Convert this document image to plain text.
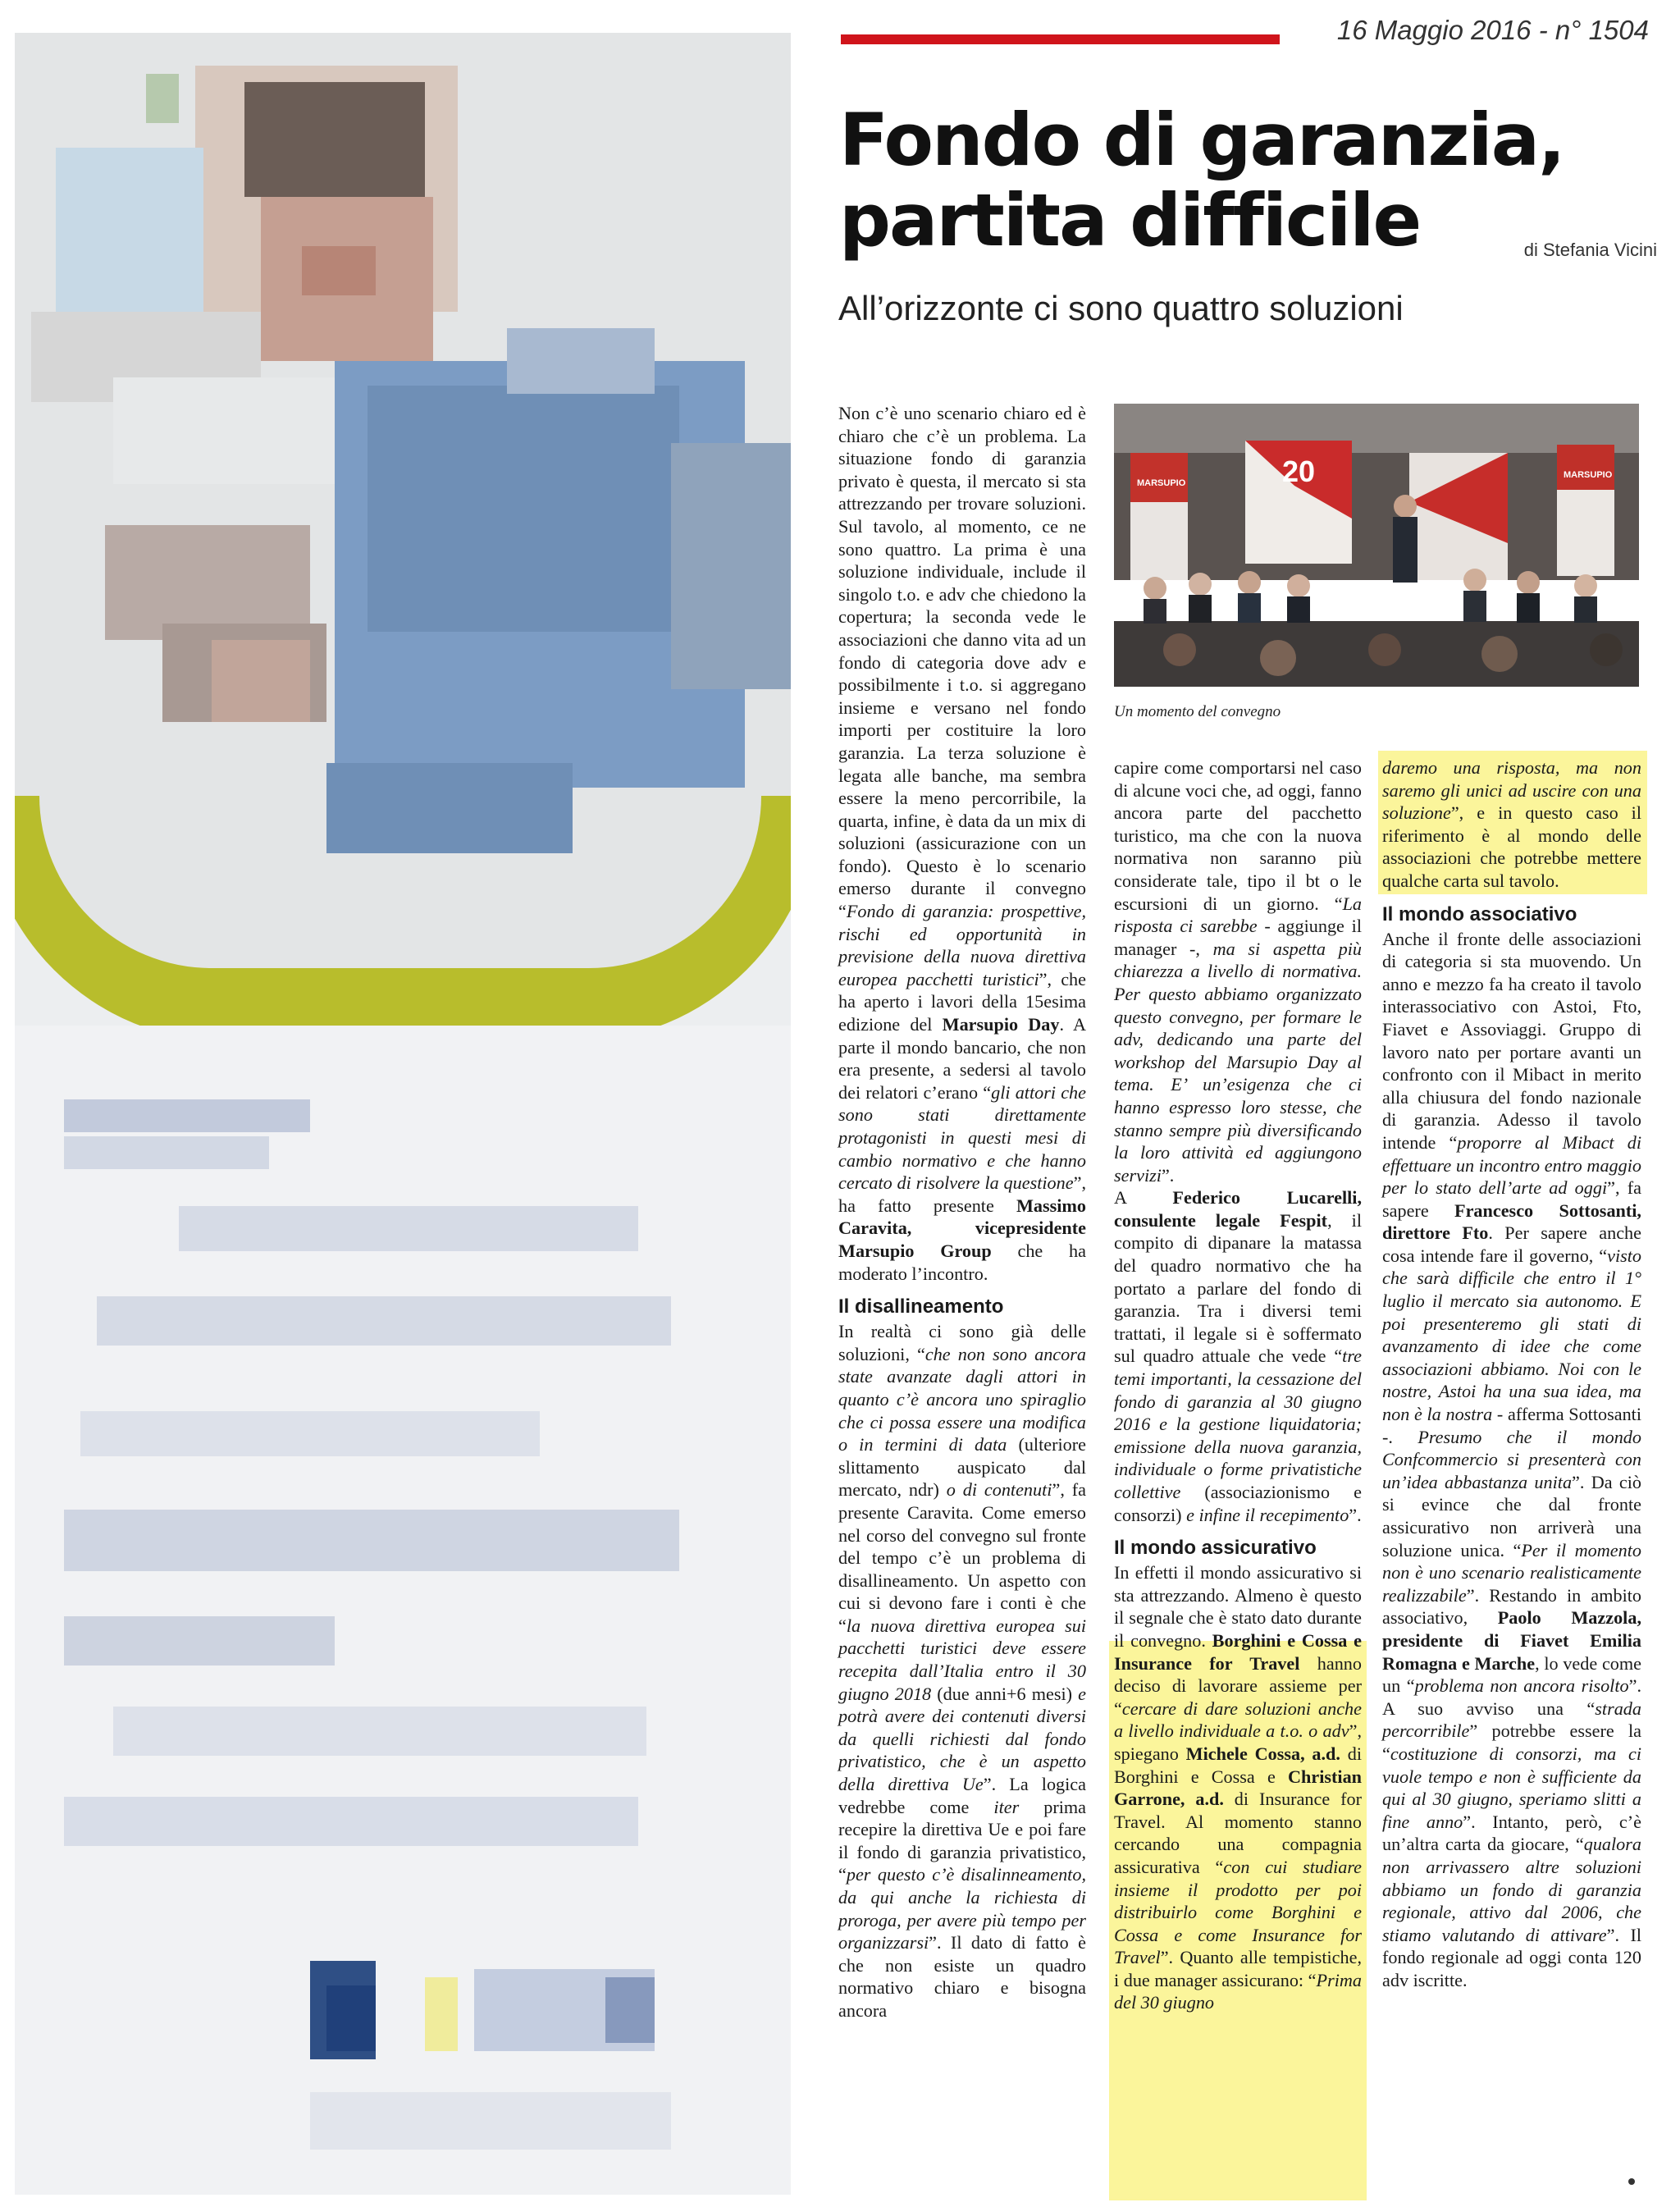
16 Maggio 2016 - n° 1504
Fondo di garanzia,
partita difficile	di Stefania Vicini
All’orizzonte ci sono quattro soluzioni
MARSUPIO
MARSUPIO
20
Un momento del convegno

Non c’è uno scenario chiaro ed è chiaro che c’è un problema. La situazione fondo di garanzia privato è questa, il mercato si sta attrezzando per trovare soluzioni. Sul tavolo, al momento, ce ne sono quattro. La prima è una soluzione individuale, include il singolo t.o. e adv che chiedono la copertura; la seconda vede le associazioni che danno vita ad un fondo di categoria dove adv e possibilmente i t.o. si aggregano insieme e versano nel fondo importi per costituire la loro garanzia. La terza soluzione è legata alle banche, ma sembra essere la meno percorribile, la quarta, infine, è data da un mix di soluzioni (assicurazione con un fondo). Questo è lo scenario emerso durante il convegno “Fondo di garanzia: prospettive, rischi ed opportunità in previsione della nuova direttiva europea pacchetti turistici”, che ha aperto i lavori della 15esima edizione del Marsupio Day. A parte il mondo bancario, che non era presente, a sedersi al tavolo dei relatori c’erano “gli attori che sono stati direttamente protagonisti in questi mesi di cambio normativo e che hanno cercato di risolvere la questione”, ha fatto presente Massimo Caravita, vicepresidente Marsupio Group che ha moderato l’incontro.

Il disallineamento

In realtà ci sono già delle soluzioni, “che non sono ancora state avanzate dagli attori in quanto c’è ancora uno spiraglio che ci possa essere una modifica o in termini di data (ulteriore slittamento auspicato dal mercato, ndr) o di contenuti”, fa presente Caravita. Come emerso nel corso del convegno sul fronte del tempo c’è un problema di disallineamento. Un aspetto con cui si devono fare i conti è che “la nuova direttiva europea sui pacchetti turistici deve essere recepita dall’Italia entro il 30 giugno 2018 (due anni+6 mesi) e potrà avere dei contenuti diversi da quelli richiesti dal fondo privatistico, che è un aspetto della direttiva Ue”. La logica vedrebbe come iter prima recepire la direttiva Ue e poi fare il fondo di garanzia privatistico, “per questo c’è disalinneamento, da qui anche la richiesta di proroga, per avere più tempo per organizzarsi”. Il dato di fatto è che non esiste un quadro normativo chiaro e bisogna ancora

capire come comportarsi nel caso di alcune voci che, ad oggi, fanno ancora parte del pacchetto turistico, ma che con la nuova normativa non saranno più considerate tale, tipo il bt o le escursioni di un giorno. “La risposta ci sarebbe - aggiunge il manager -, ma si aspetta più chiarezza a livello di normativa. Per questo abbiamo organizzato questo convegno, per formare le adv, dedicando una parte del workshop del Marsupio Day al tema. E’ un’esigenza che ci hanno espresso loro stesse, che stanno sempre più diversificando la loro attività ed aggiungono servizi”.

A Federico Lucarelli, consulente legale Fespit, il compito di dipanare la matassa del quadro normativo che ha portato a parlare del fondo di garanzia. Tra i diversi temi trattati, il legale si è soffermato sul quadro attuale che vede “tre temi importanti, la cessazione del fondo di garanzia al 30 giugno 2016 e la gestione liquidatoria; emissione della nuova garanzia, individuale o forme privatistiche collettive (associazionismo e consorzi) e infine il recepimento”.

Il mondo assicurativo

In effetti il mondo assicurativo si sta attrezzando. Almeno è questo il segnale che è stato dato durante il convegno. Borghini e Cossa e Insurance for Travel hanno deciso di lavorare assieme per “cercare di dare soluzioni anche a livello individuale a t.o. o adv”, spiegano Michele Cossa, a.d. di Borghini e Cossa e Christian Garrone, a.d. di Insurance for Travel. Al momento stanno cercando una compagnia assicurativa “con cui studiare insieme il prodotto per poi distribuirlo come Borghini e Cossa e come Insurance for Travel”. Quanto alle tempistiche, i due manager assicurano: “Prima del 30 giugno

daremo una risposta, ma non saremo gli unici ad uscire con una soluzione”, e in questo caso il riferimento è al mondo delle associazioni che potrebbe mettere qualche carta sul tavolo.

Il mondo associativo

Anche il fronte delle associazioni di categoria si sta muovendo. Un anno e mezzo fa ha creato il tavolo interassociativo con Astoi, Fto, Fiavet e Assoviaggi. Gruppo di lavoro nato per portare avanti un confronto con il Mibact in merito alla chiusura del fondo nazionale di garanzia. Adesso il tavolo intende “proporre al Mibact di effettuare un incontro entro maggio per lo stato dell’arte ad oggi”, fa sapere Francesco Sottosanti, direttore Fto. Per sapere anche cosa intende fare il governo, “visto che sarà difficile che entro il 1° luglio il mercato sia autonomo. E poi presenteremo gli stati di avanzamento di idee che come associazioni abbiamo. Noi con le nostre, Astoi ha una sua idea, ma non è la nostra - afferma Sottosanti -. Presumo che il mondo Confcommercio si presenterà con un’idea abbastanza unita”. Da ciò si evince che dal fronte assicurativo non arriverà una soluzione unica. “Per il momento non è uno scenario realisticamente realizzabile”. Restando in ambito associativo, Paolo Mazzola, presidente di Fiavet Emilia Romagna e Marche, lo vede come un “problema non ancora risolto”. A suo avviso una “strada percorribile” potrebbe essere la “costituzione di consorzi, ma ci vuole tempo e non è sufficiente da qui al 30 giugno, speriamo slitti a fine anno”. Intanto, però, c’è un’altra carta da giocare, “qualora non arrivassero altre soluzioni abbiamo un fondo di garanzia regionale, attivo dal 2006, che stiamo valutando di attivare”. Il fondo regionale ad oggi conta 120 adv iscritte.
